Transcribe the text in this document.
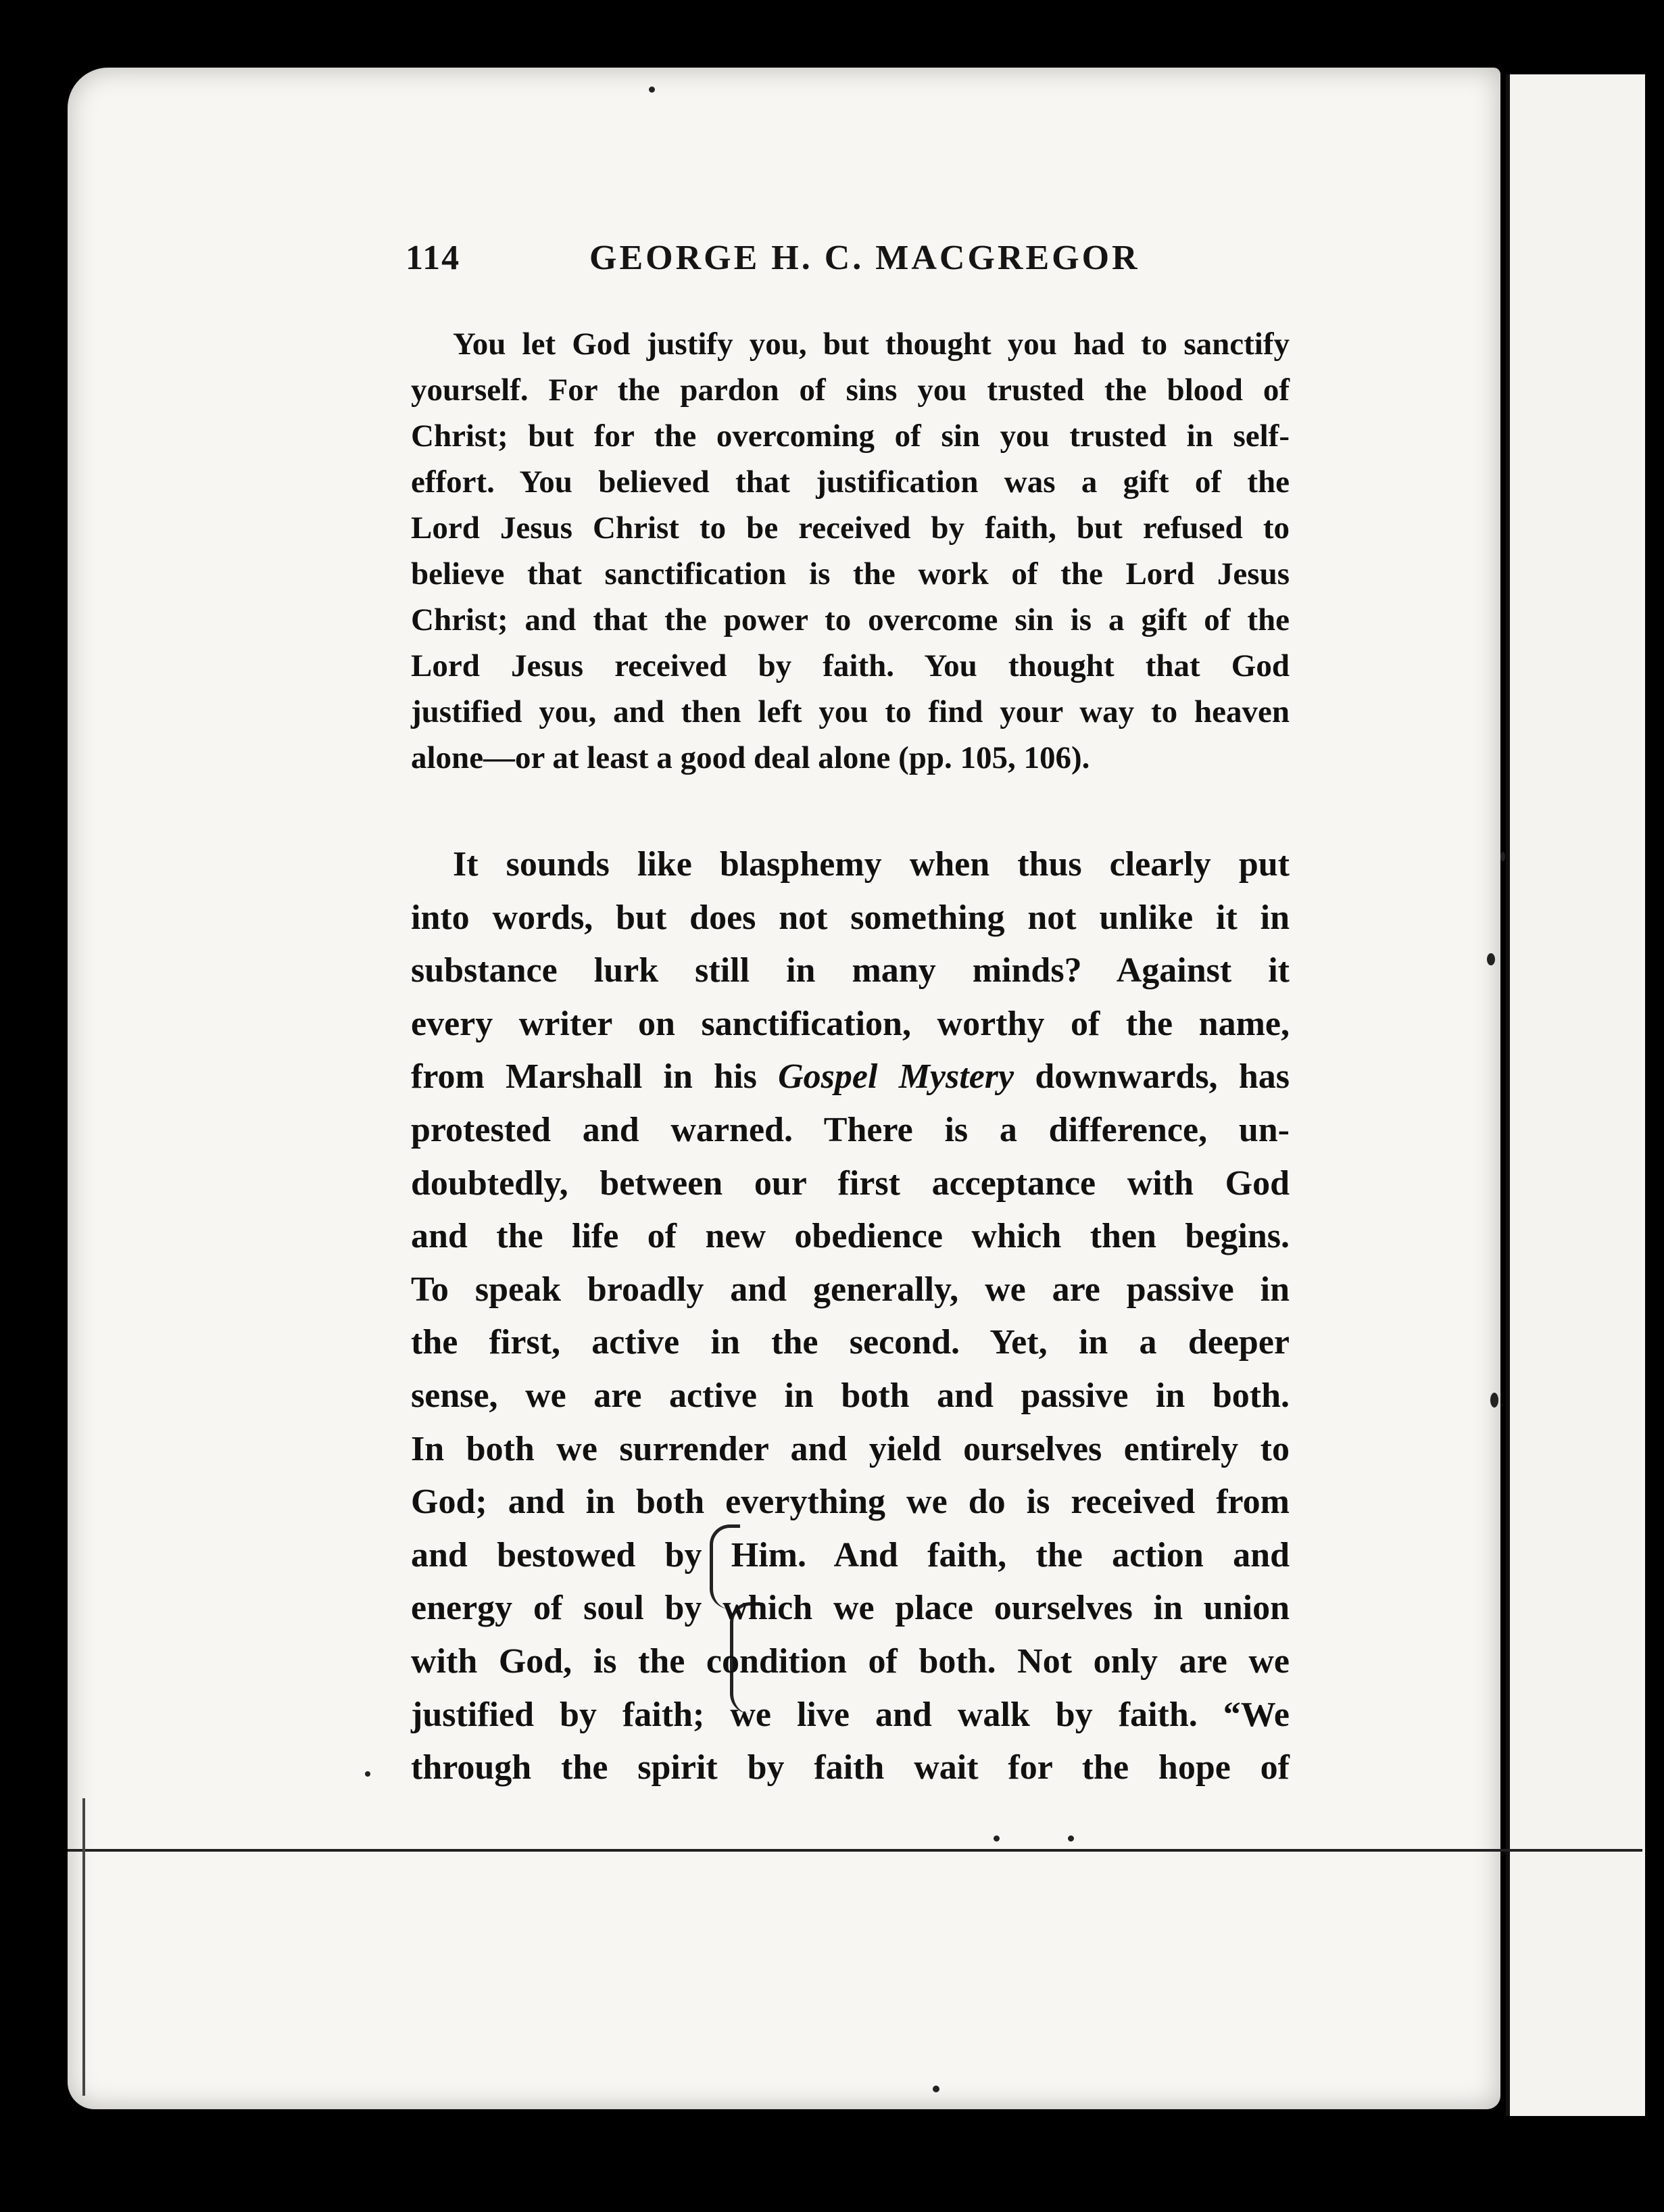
114	GEORGE H. C. MACGREGOR
You let God justify you, but thought you had to sanctify
yourself. For the pardon of sins you trusted the blood of
Christ; but for the overcoming of sin you trusted in self-
effort. You believed that justification was a gift of the
Lord Jesus Christ to be received by faith, but refused to
believe that sanctification is the work of the Lord Jesus
Christ; and that the power to overcome sin is a gift of the
Lord Jesus received by faith. You thought that God
justified you, and then left you to find your way to heaven
alone—or at least a good deal alone (pp. 105, 106).
It sounds like blasphemy when thus clearly put
into words, but does not something not unlike it in
substance lurk still in many minds? Against it
every writer on sanctification, worthy of the name,
from Marshall in his Gospel Mystery downwards, has
protested and warned. There is a difference, un-
doubtedly, between our first acceptance with God
and the life of new obedience which then begins.
To speak broadly and generally, we are passive in
the first, active in the second. Yet, in a deeper
sense, we are active in both and passive in both.
In both we surrender and yield ourselves entirely to
God; and in both everything we do is received from
and bestowed by Him. And faith, the action and
energy of soul by which we place ourselves in union
with God, is the condition of both. Not only are we
justified by faith; we live and walk by faith. “We
through the spirit by faith wait for the hope of
